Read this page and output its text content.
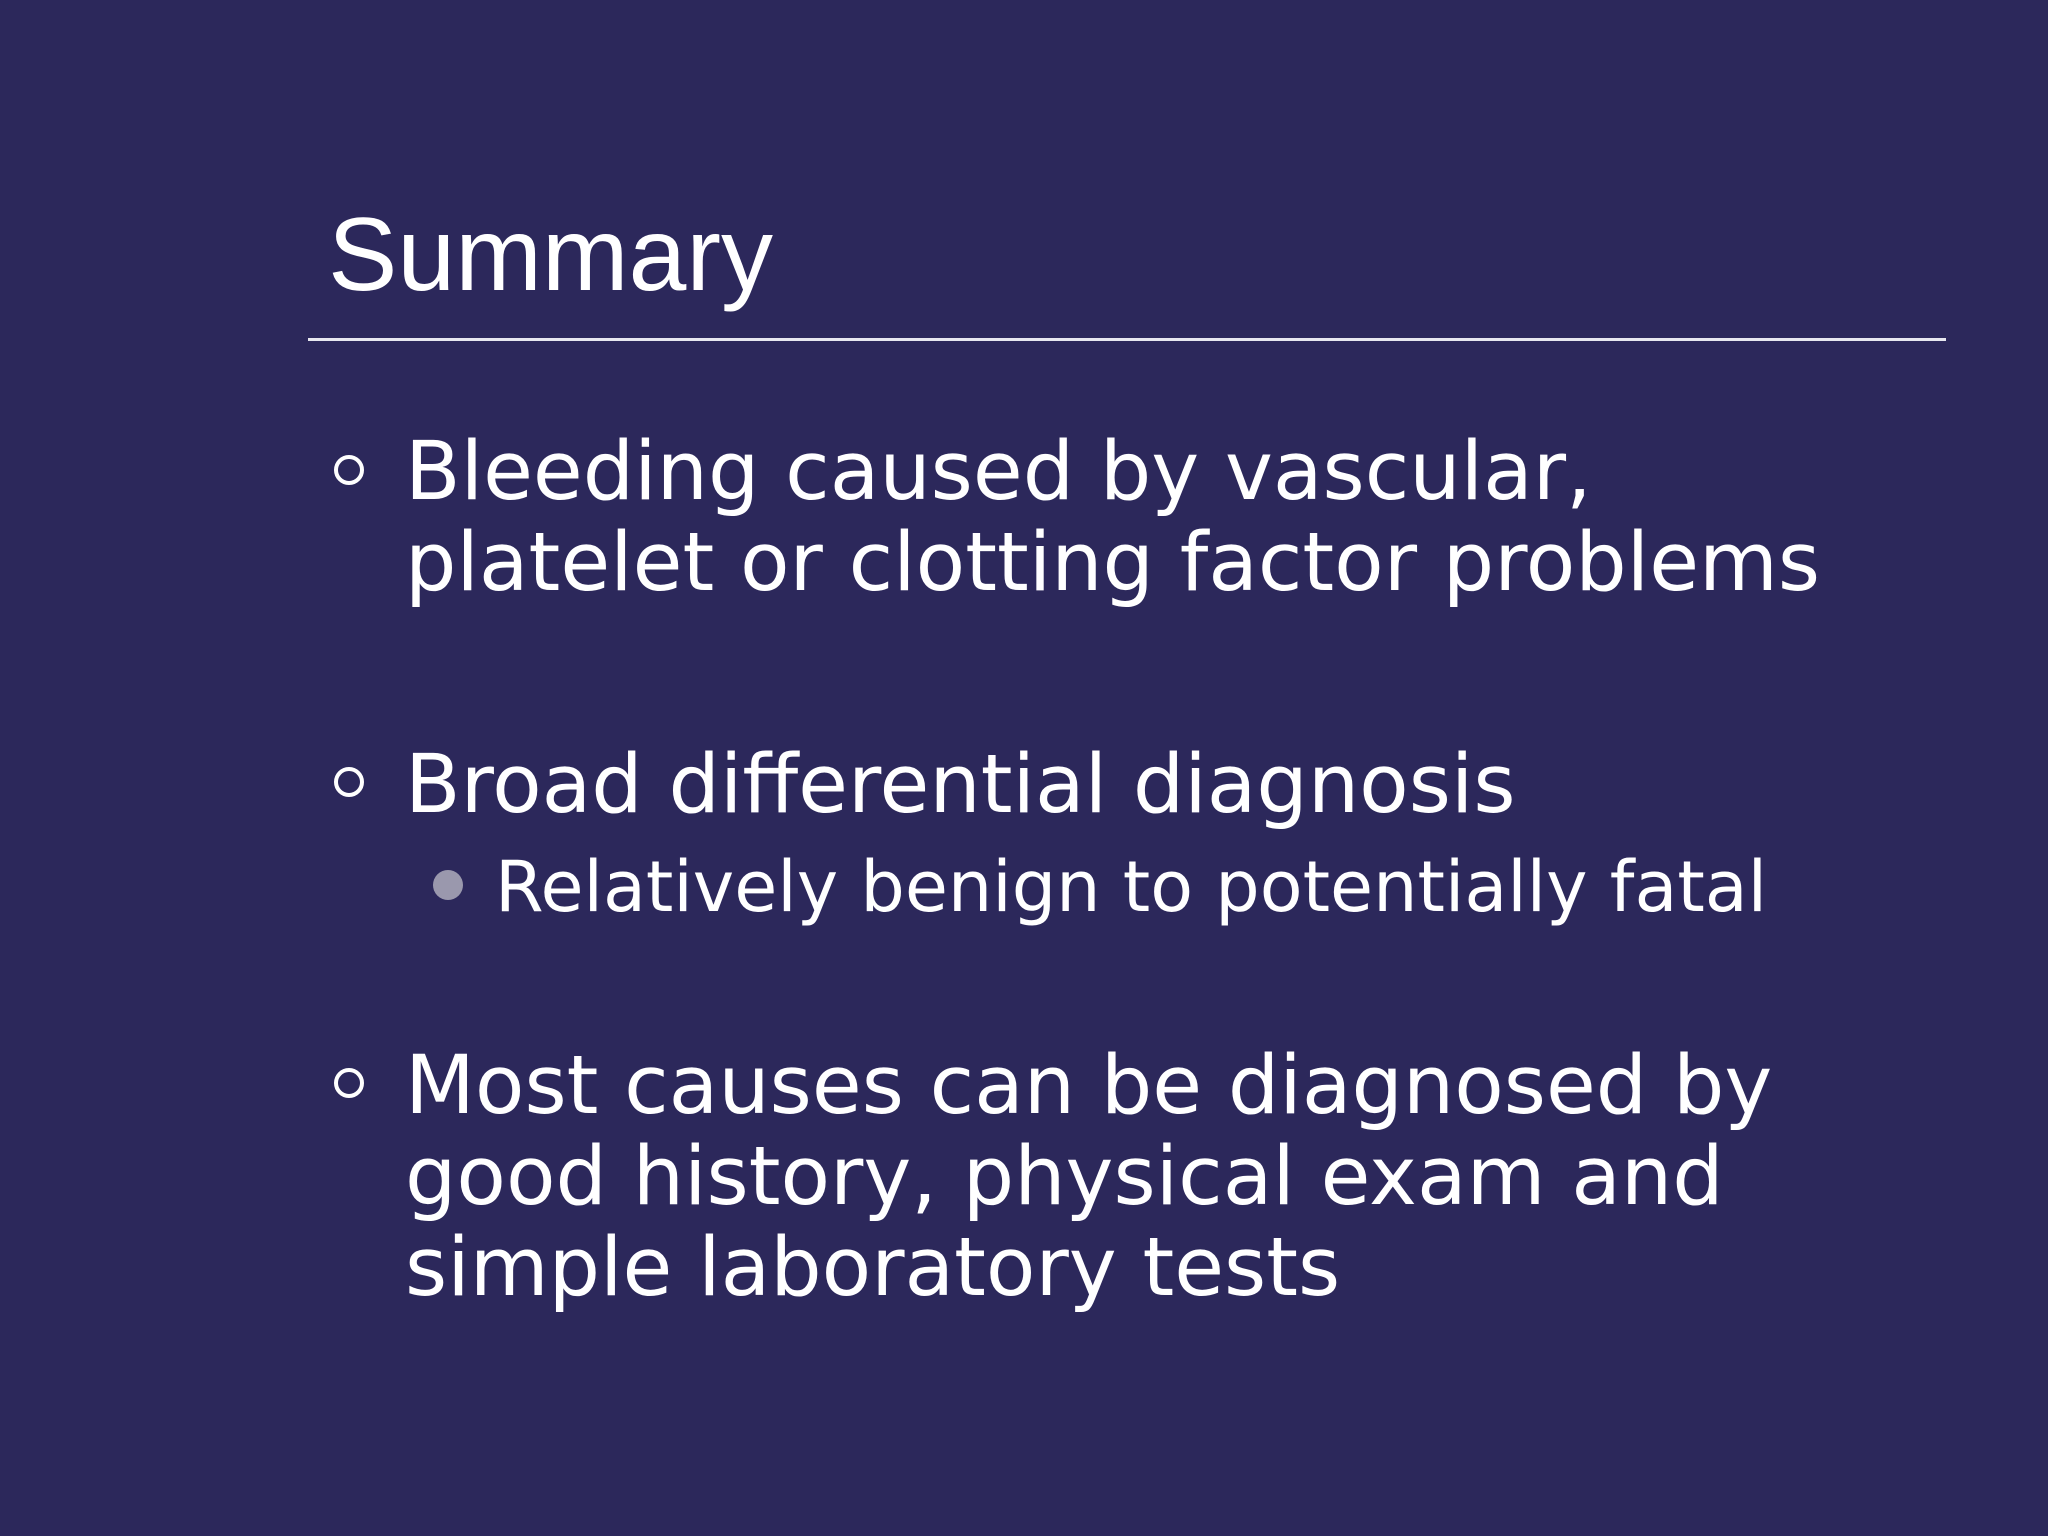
Summary
Bleeding caused by vascular,
platelet or clotting factor problems
Broad differential diagnosis
Relatively benign to potentially fatal
Most causes can be diagnosed by
good history, physical exam and
simple laboratory tests
